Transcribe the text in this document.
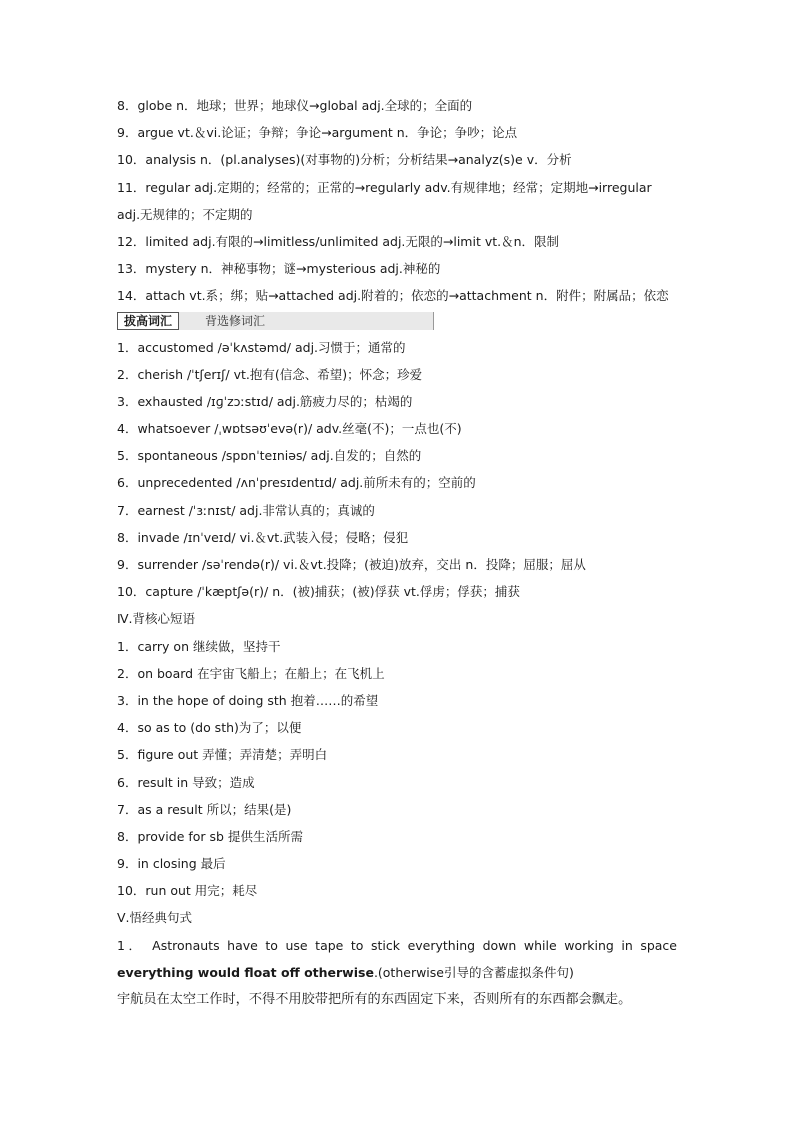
8．globe n．地球；世界；地球仪→global adj.全球的；全面的
9．argue vt.＆vi.论证；争辩；争论→argument n．争论；争吵；论点
10．analysis n．(pl.analyses)(对事物的)分析；分析结果→analyz(s)e v．分析
11．regular adj.定期的；经常的；正常的→regularly adv.有规律地；经常；定期地→irregular
adj.无规律的；不定期的
12．limited adj.有限的→limitless/unlimited adj.无限的→limit vt.＆n．限制
13．mystery n．神秘事物；谜→mysterious adj.神秘的
14．attach vt.系；绑；贴→attached adj.附着的；依恋的→attachment n．附件；附属品；依恋
拔高词汇	背选修词汇
1．accustomed /əˈkʌstəmd/ adj.习惯于；通常的
2．cherish /ˈtʃerɪʃ/ vt.抱有(信念、希望)；怀念；珍爱
3．exhausted /ɪɡˈzɔːstɪd/ adj.筋疲力尽的；枯竭的
4．whatsoever /ˌwɒtsəʊˈevə(r)/ adv.丝毫(不)；一点也(不)
5．spontaneous /spɒnˈteɪniəs/ adj.自发的；自然的
6．unprecedented /ʌnˈpresɪdentɪd/ adj.前所未有的；空前的
7．earnest /ˈɜːnɪst/ adj.非常认真的；真诚的
8．invade /ɪnˈveɪd/ vi.＆vt.武装入侵；侵略；侵犯
9．surrender /səˈrendə(r)/ vi.＆vt.投降；(被迫)放弃，交出 n．投降；屈服；屈从
10．capture /ˈkæptʃə(r)/ n．(被)捕获；(被)俘获 vt.俘虏；俘获；捕获
Ⅳ.背核心短语
1．carry on 继续做，坚持干
2．on board 在宇宙飞船上；在船上；在飞机上
3．in the hope of doing sth 抱着……的希望
4．so as to (do sth)为了；以便
5．figure out 弄懂；弄清楚；弄明白
6．result in 导致；造成
7．as a result 所以；结果(是)
8．provide for sb 提供生活所需
9．in closing 最后
10．run out 用完；耗尽
Ⅴ.悟经典句式
1． Astronauts have to use tape to stick everything down while working in space
everything would float off otherwise.(otherwise引导的含蓄虚拟条件句)
宇航员在太空工作时，不得不用胶带把所有的东西固定下来，否则所有的东西都会飘走。
